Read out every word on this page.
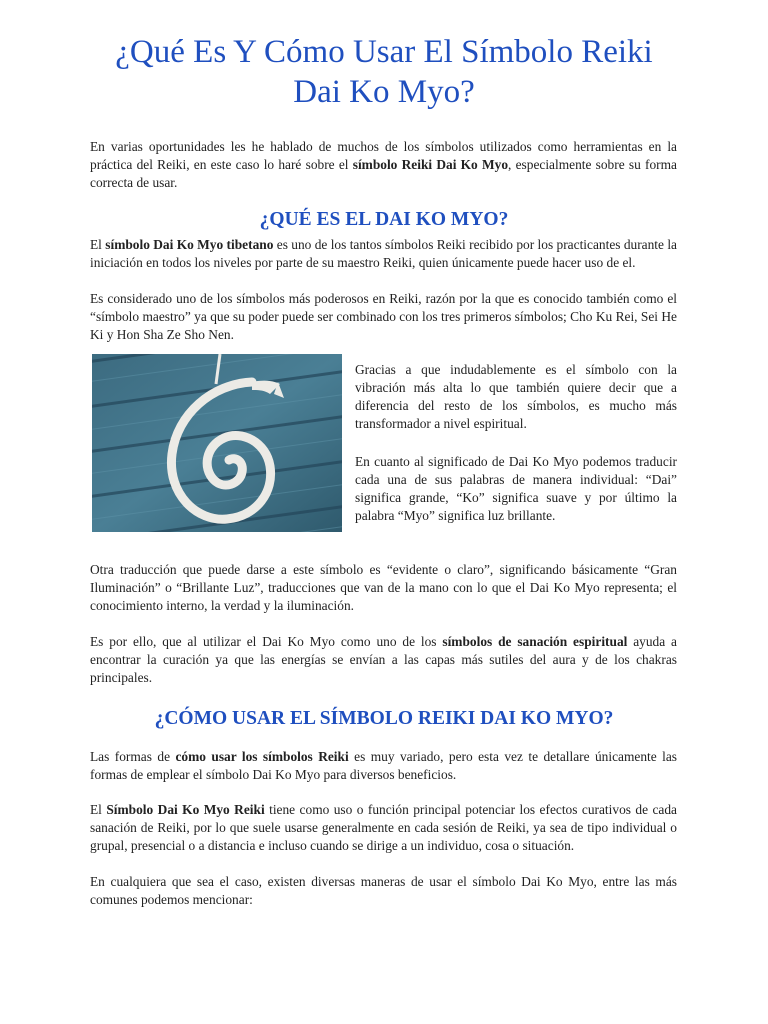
¿Qué Es Y Cómo Usar El Símbolo Reiki
Dai Ko Myo?

En varias oportunidades les he hablado de muchos de los símbolos utilizados como herramientas en la práctica del Reiki, en este caso lo haré sobre el símbolo Reiki Dai Ko Myo, especialmente sobre su forma correcta de usar.

¿QUÉ ES EL DAI KO MYO?

El símbolo Dai Ko Myo tibetano es uno de los tantos símbolos Reiki recibido por los practicantes durante la iniciación en todos los niveles por parte de su maestro Reiki, quien únicamente puede hacer uso de el.

Es considerado uno de los símbolos más poderosos en Reiki, razón por la que es conocido también como el “símbolo maestro” ya que su poder puede ser combinado con los tres primeros símbolos; Cho Ku Rei, Sei He Ki y Hon Sha Ze Sho Nen.

Gracias a que indudablemente es el símbolo con la vibración más alta lo que también quiere decir que a diferencia del resto de los símbolos, es mucho más transformador a nivel espiritual.

En cuanto al significado de Dai Ko Myo podemos traducir cada una de sus palabras de manera individual: “Dai” significa grande, “Ko” significa suave y por último la palabra “Myo” significa luz brillante.

Otra traducción que puede darse a este símbolo es “evidente o claro”, significando básicamente “Gran Iluminación” o “Brillante Luz”, traducciones que van de la mano con lo que el Dai Ko Myo representa; el conocimiento interno, la verdad y la iluminación.

Es por ello, que al utilizar el Dai Ko Myo como uno de los símbolos de sanación espiritual ayuda a encontrar la curación ya que las energías se envían a las capas más sutiles del aura y de los chakras principales.

¿CÓMO USAR EL SÍMBOLO REIKI DAI KO MYO?

Las formas de cómo usar los símbolos Reiki es muy variado, pero esta vez te detallare únicamente las formas de emplear el símbolo Dai Ko Myo para diversos beneficios.

El Símbolo Dai Ko Myo Reiki tiene como uso o función principal potenciar los efectos curativos de cada sanación de Reiki, por lo que suele usarse generalmente en cada sesión de Reiki, ya sea de tipo individual o grupal, presencial o a distancia e incluso cuando se dirige a un individuo, cosa o situación.

En cualquiera que sea el caso, existen diversas maneras de usar el símbolo Dai Ko Myo, entre las más comunes podemos mencionar:
